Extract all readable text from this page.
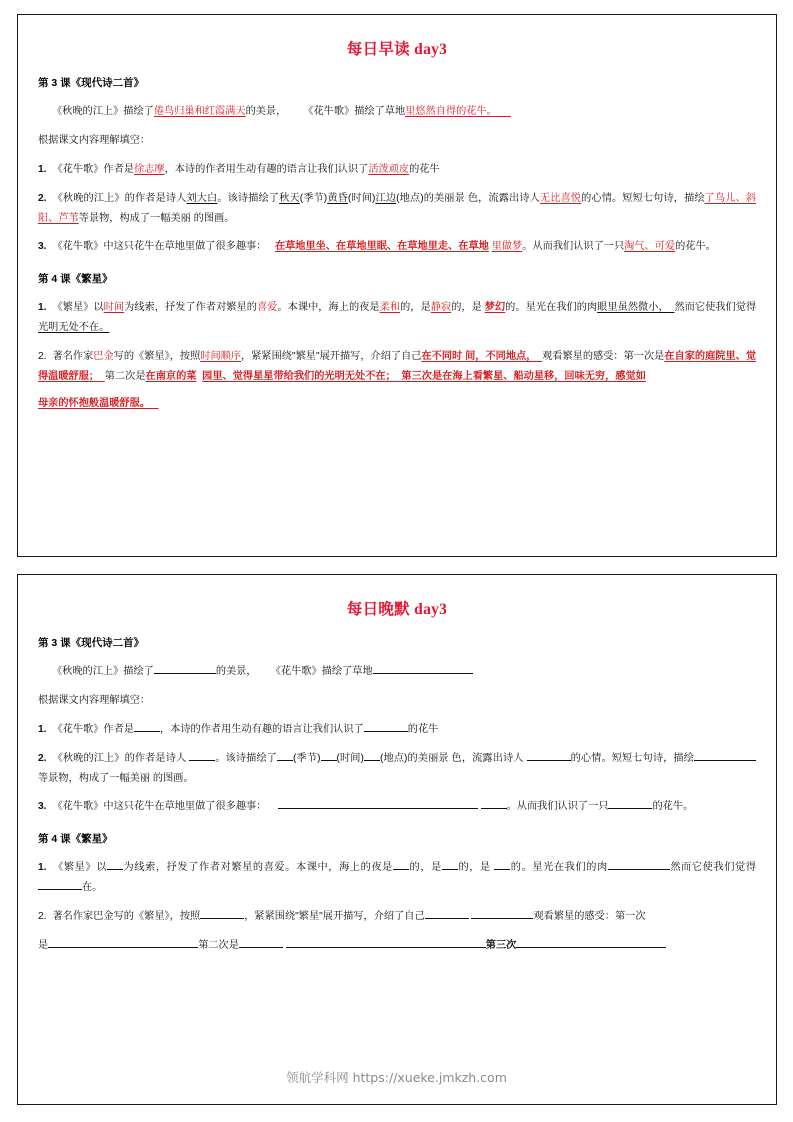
每日早读 day3
第 3 课《现代诗二首》
《秋晚的江上》描绘了倦鸟归巢和红霞满天的美景， 《花牛歌》描绘了草地里悠然自得的花牛。
根据课文内容理解填空：
1. 《花牛歌》作者是徐志摩，本诗的作者用生动有趣的语言让我们认识了活泼顽皮的花牛
2. 《秋晚的江上》的作者是诗人刘大白。该诗描绘了秋天(季节)黄昏(时间)江边(地点)的美丽景 色，流露出诗人无比喜悦的心情。短短七句诗，描绘了鸟儿、斜阳、芦苇等景物，构成了一幅美丽 的图画。
3. 《花牛歌》中这只花牛在草地里做了很多趣事： 在草地里坐、在草地里眠、在草地里走、在草地 里做梦。从而我们认识了一只淘气、可爱的花牛。
第 4 课《繁星》
1. 《繁星》以时间为线索，抒发了作者对繁星的喜爱。本课中，海上的夜是柔和的，是静寂的，是 梦幻的。星光在我们的肉眼里虽然微小， 然而它使我们觉得光明无处不在。
2. 著名作家巴金写的《繁星》，按照时间顺序，紧紧围绕"繁星"展开描写，介绍了自己在不同时 间，不同地点， 观看繁星的感受：第一次是在自家的庭院里、觉得温暖舒服； 第二次是在南京的菜 园里、觉得星星带给我们的光明无处不在； 第三次是在海上看繁星、船动星移，回味无穷，感觉如
母亲的怀抱般温暖舒服。
每日晚默 day3
第 3 课《现代诗二首》
《秋晚的江上》描绘了	的美景， 《花牛歌》描绘了草地
根据课文内容理解填空：
1. 《花牛歌》作者是	，本诗的作者用生动有趣的语言让我们认识了	的花牛
2. 《秋晚的江上》的作者是诗人	。该诗描绘了 (季节) (时间) (地点)的美丽景 色，流露出诗人	的心情。短短七句诗，描绘等景物，构成了一幅美丽 的图画。
3. 《花牛歌》中这只花牛在草地里做了很多趣事：	。从而我们认识了一只	的花牛。
第 4 课《繁星》
1. 《繁星》以 为线索，抒发了作者对繁星的喜爱。本课中，海上的夜是 的，是 的，是 的。星光在我们的肉	然而它使我们觉得在。
2. 著名作家巴金写的《繁星》，按照	，紧紧围绕"繁星"展开描写，介绍了自己	观看繁星的感受：第一次
是	第二次是	第三次
领航学科网 https://xueke.jmkzh.com
